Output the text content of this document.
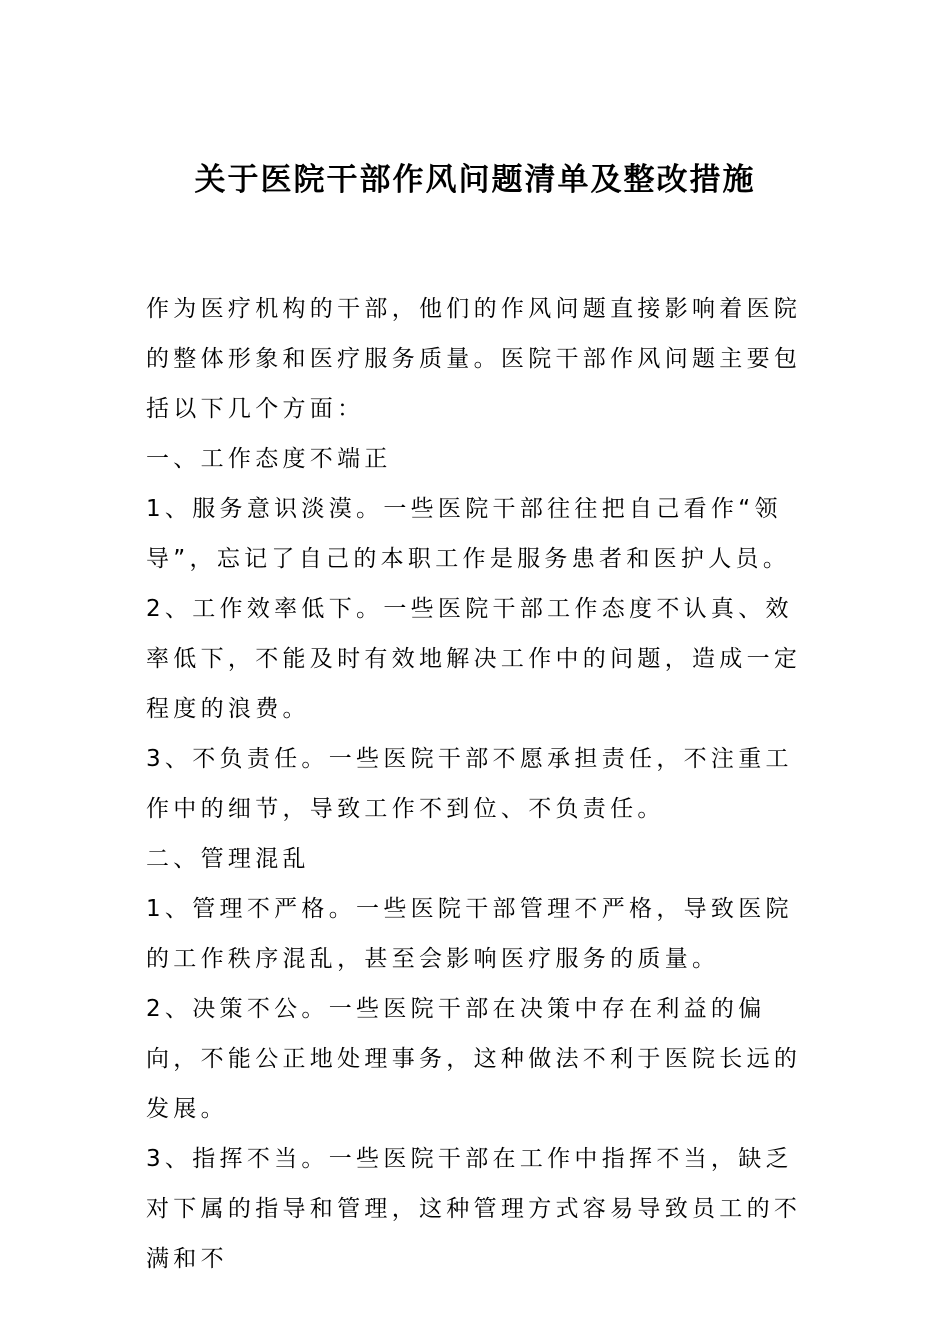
关于医院干部作风问题清单及整改措施

作为医疗机构的干部，他们的作风问题直接影响着医院的整体形象和医疗服务质量。医院干部作风问题主要包括以下几个方面：

一、工作态度不端正

1、服务意识淡漠。一些医院干部往往把自己看作“领导”，忘记了自己的本职工作是服务患者和医护人员。

2、工作效率低下。一些医院干部工作态度不认真、效率低下，不能及时有效地解决工作中的问题，造成一定程度的浪费。

3、不负责任。一些医院干部不愿承担责任，不注重工作中的细节，导致工作不到位、不负责任。

二、管理混乱

1、管理不严格。一些医院干部管理不严格，导致医院的工作秩序混乱，甚至会影响医疗服务的质量。

2、决策不公。一些医院干部在决策中存在利益的偏向，不能公正地处理事务，这种做法不利于医院长远的发展。

3、指挥不当。一些医院干部在工作中指挥不当，缺乏对下属的指导和管理，这种管理方式容易导致员工的不满和不
